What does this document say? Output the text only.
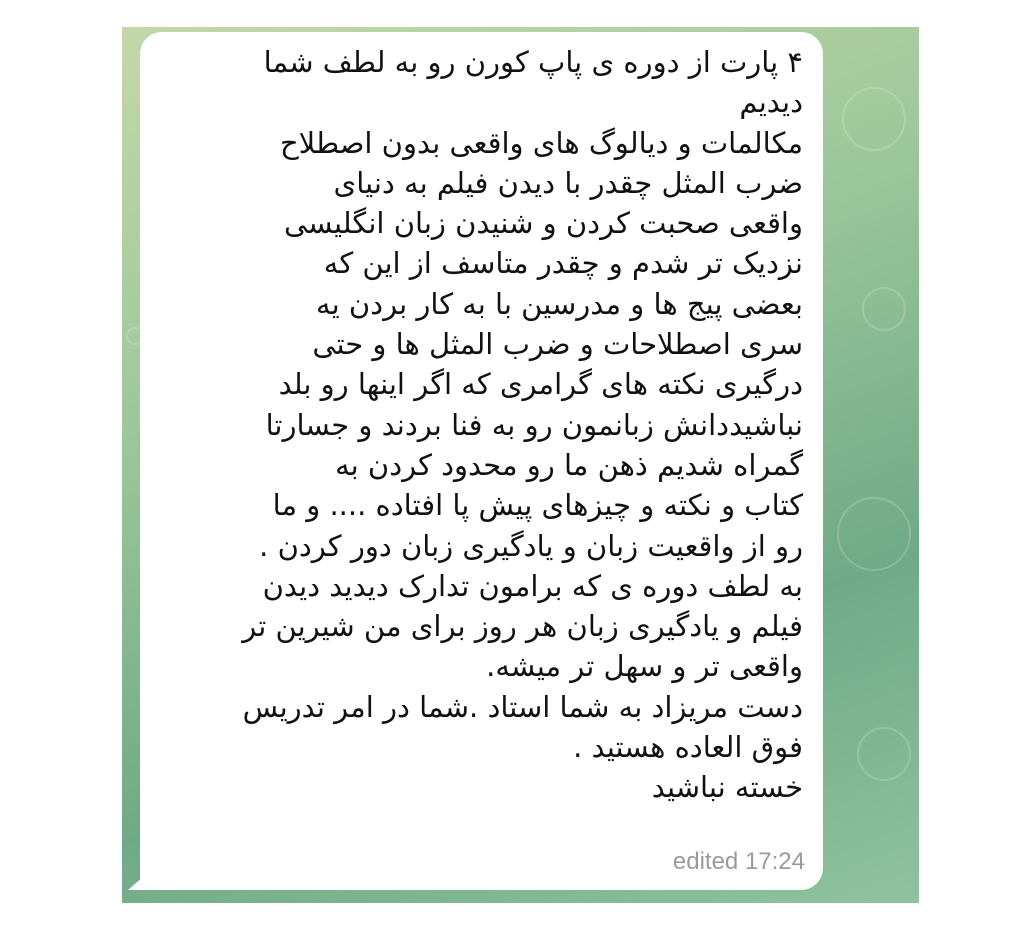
۴ پارت از دوره ی پاپ کورن رو به لطف شما
دیدیم
مکالمات و دیالوگ های واقعی بدون اصطلاح
ضرب المثل چقدر با دیدن فیلم به دنیای
واقعی صحبت کردن و شنیدن زبان انگلیسی
نزدیک تر شدم و چقدر متاسف از این که
بعضی پیج ها و مدرسین با به کار بردن یه
سری اصطلاحات و ضرب المثل ها و حتی
درگیری نکته های گرامری که اگر اینها رو بلد
نباشیددانش زبانمون رو به فنا بردند و جسارتا
گمراه شدیم ذهن ما رو محدود کردن به
کتاب و نکته و چیزهای پیش پا افتاده .... و ما
رو از واقعیت زبان و یادگیری زبان دور کردن .
به لطف دوره ی که برامون تدارک دیدید دیدن
فیلم و یادگیری زبان هر روز برای من شیرین تر
واقعی تر و سهل تر میشه.
دست مریزاد به شما استاد .شما در امر تدریس
فوق العاده هستید .
خسته نباشید
edited 17:24
